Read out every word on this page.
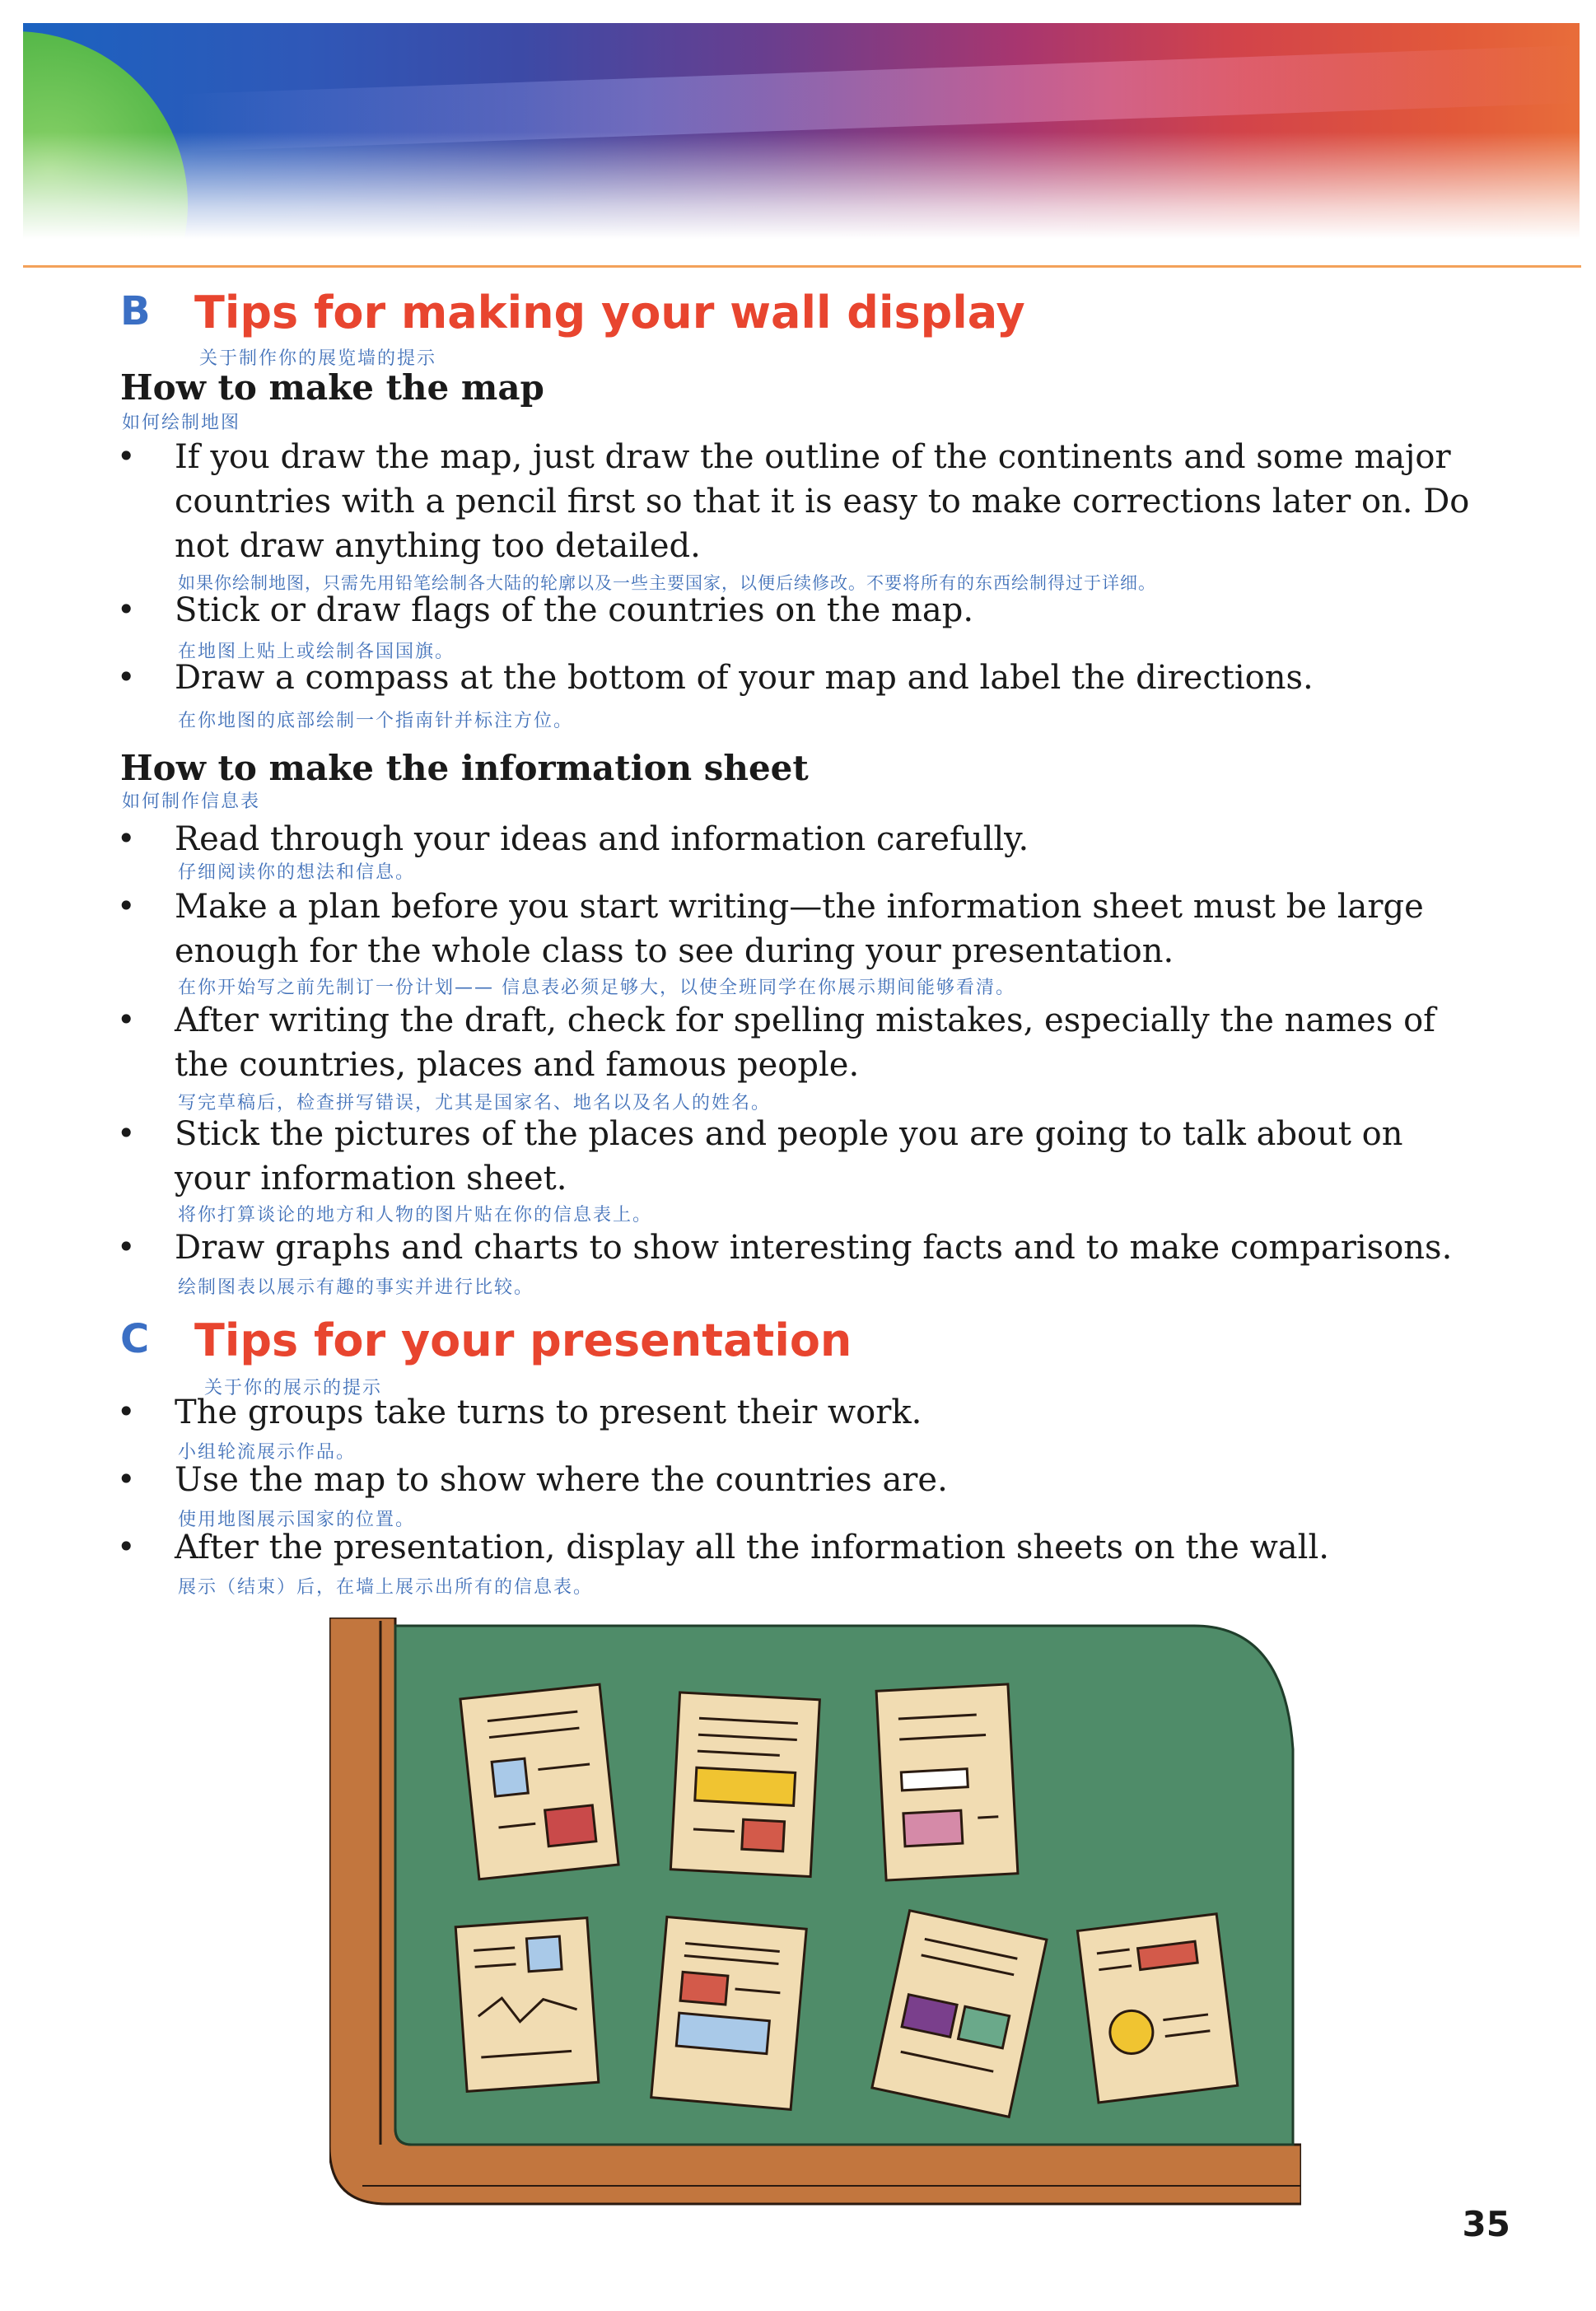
B Tips for making your wall display
关于制作你的展览墙的提示
How to make the map
如何绘制地图
• If you draw the map, just draw the outline of the continents and some major countries with a pencil first so that it is easy to make corrections later on. Do not draw anything too detailed.
如果你绘制地图，只需先用铅笔绘制各大陆的轮廓以及一些主要国家，以便后续修改。不要将所有的东西绘制得过于详细。
• Stick or draw flags of the countries on the map.
在地图上贴上或绘制各国国旗。
• Draw a compass at the bottom of your map and label the directions.
在你地图的底部绘制一个指南针并标注方位。
How to make the information sheet
如何制作信息表
• Read through your ideas and information carefully.
仔细阅读你的想法和信息。
• Make a plan before you start writing—the information sheet must be large enough for the whole class to see during your presentation.
在你开始写之前先制订一份计划—— 信息表必须足够大，以使全班同学在你展示期间能够看清。
• After writing the draft, check for spelling mistakes, especially the names of the countries, places and famous people.
写完草稿后，检查拼写错误，尤其是国家名、地名以及名人的姓名。
• Stick the pictures of the places and people you are going to talk about on your information sheet.
将你打算谈论的地方和人物的图片贴在你的信息表上。
• Draw graphs and charts to show interesting facts and to make comparisons.
绘制图表以展示有趣的事实并进行比较。
C Tips for your presentation
关于你的展示的提示
• The groups take turns to present their work.
小组轮流展示作品。
• Use the map to show where the countries are.
使用地图展示国家的位置。
• After the presentation, display all the information sheets on the wall.
展示（结束）后，在墙上展示出所有的信息表。
35
